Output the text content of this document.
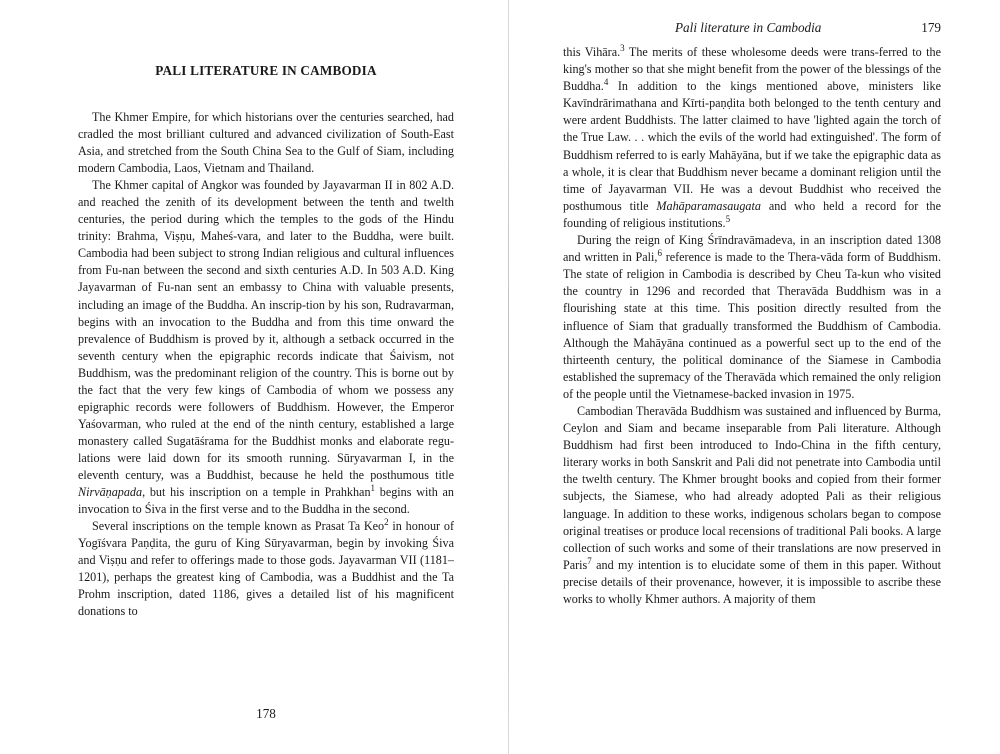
PALI LITERATURE IN CAMBODIA

The Khmer Empire, for which historians over the centuries searched, had cradled the most brilliant cultured and advanced civilization of South-East Asia, and stretched from the South China Sea to the Gulf of Siam, including modern Cambodia, Laos, Vietnam and Thailand.

The Khmer capital of Angkor was founded by Jayavarman II in 802 A.D. and reached the zenith of its development between the tenth and twelth centuries, the period during which the temples to the gods of the Hindu trinity: Brahma, Viṣṇu, Maheś-vara, and later to the Buddha, were built. Cambodia had been subject to strong Indian religious and cultural influences from Fu-nan between the second and sixth centuries A.D. In 503 A.D. King Jayavarman of Fu-nan sent an embassy to China with valuable presents, including an image of the Buddha. An inscrip-tion by his son, Rudravarman, begins with an invocation to the Buddha and from this time onward the prevalence of Buddhism is proved by it, although a setback occurred in the seventh century when the epigraphic records indicate that Śaivism, not Buddhism, was the predominant religion of the country. This is borne out by the fact that the very few kings of Cambodia of whom we possess any epigraphic records were followers of Buddhism. However, the Emperor Yaśovarman, who ruled at the end of the ninth century, established a large monastery called Sugatāśrama for the Buddhist monks and elaborate regu-lations were laid down for its smooth running. Sūryavarman I, in the eleventh century, was a Buddhist, because he held the posthumous title Nirvāṇapada, but his inscription on a temple in Prahkhan$^1$ begins with an invocation to Śiva in the first verse and to the Buddha in the second.

Several inscriptions on the temple known as Prasat Ta Keo$^2$ in honour of Yogīśvara Paṇḍita, the guru of King Sūryavarman, begin by invoking Śiva and Viṣṇu and refer to offerings made to those gods. Jayavarman VII (1181–1201), perhaps the greatest king of Cambodia, was a Buddhist and the Ta Prohm inscription, dated 1186, gives a detailed list of his magnificent donations to

178
Pali literature in Cambodia	179

this Vihāra.$^3$ The merits of these wholesome deeds were trans-ferred to the king's mother so that she might benefit from the power of the blessings of the Buddha.$^4$ In addition to the kings mentioned above, ministers like Kavīndrārimathana and Kīrti-paṇḍita both belonged to the tenth century and were ardent Buddhists. The latter claimed to have 'lighted again the torch of the True Law. . . which the evils of the world had extinguished'. The form of Buddhism referred to is early Mahāyāna, but if we take the epigraphic data as a whole, it is clear that Buddhism never became a dominant religion until the time of Jayavarman VII. He was a devout Buddhist who received the posthumous title Mahāparamasaugata and who held a record for the founding of religious institutions.$^5$

During the reign of King Śrīndravāmadeva, in an inscription dated 1308 and written in Pali,$^6$ reference is made to the Thera-vāda form of Buddhism. The state of religion in Cambodia is described by Cheu Ta-kun who visited the country in 1296 and recorded that Theravāda Buddhism was in a flourishing state at this time. This position directly resulted from the influence of Siam that gradually transformed the Buddhism of Cambodia. Although the Mahāyāna continued as a powerful sect up to the end of the thirteenth century, the political dominance of the Siamese in Cambodia established the supremacy of the Theravāda which remained the only religion of the people until the Vietnamese-backed invasion in 1975.

Cambodian Theravāda Buddhism was sustained and influenced by Burma, Ceylon and Siam and became inseparable from Pali literature. Although Buddhism had first been introduced to Indo-China in the fifth century, literary works in both Sanskrit and Pali did not penetrate into Cambodia until the twelth century. The Khmer brought books and copied from their former subjects, the Siamese, who had already adopted Pali as their religious language. In addition to these works, indigenous scholars began to compose original treatises or produce local recensions of traditional Pali books. A large collection of such works and some of their translations are now preserved in Paris$^7$ and my intention is to elucidate some of them in this paper. Without precise details of their provenance, however, it is impossible to ascribe these works to wholly Khmer authors. A majority of them
